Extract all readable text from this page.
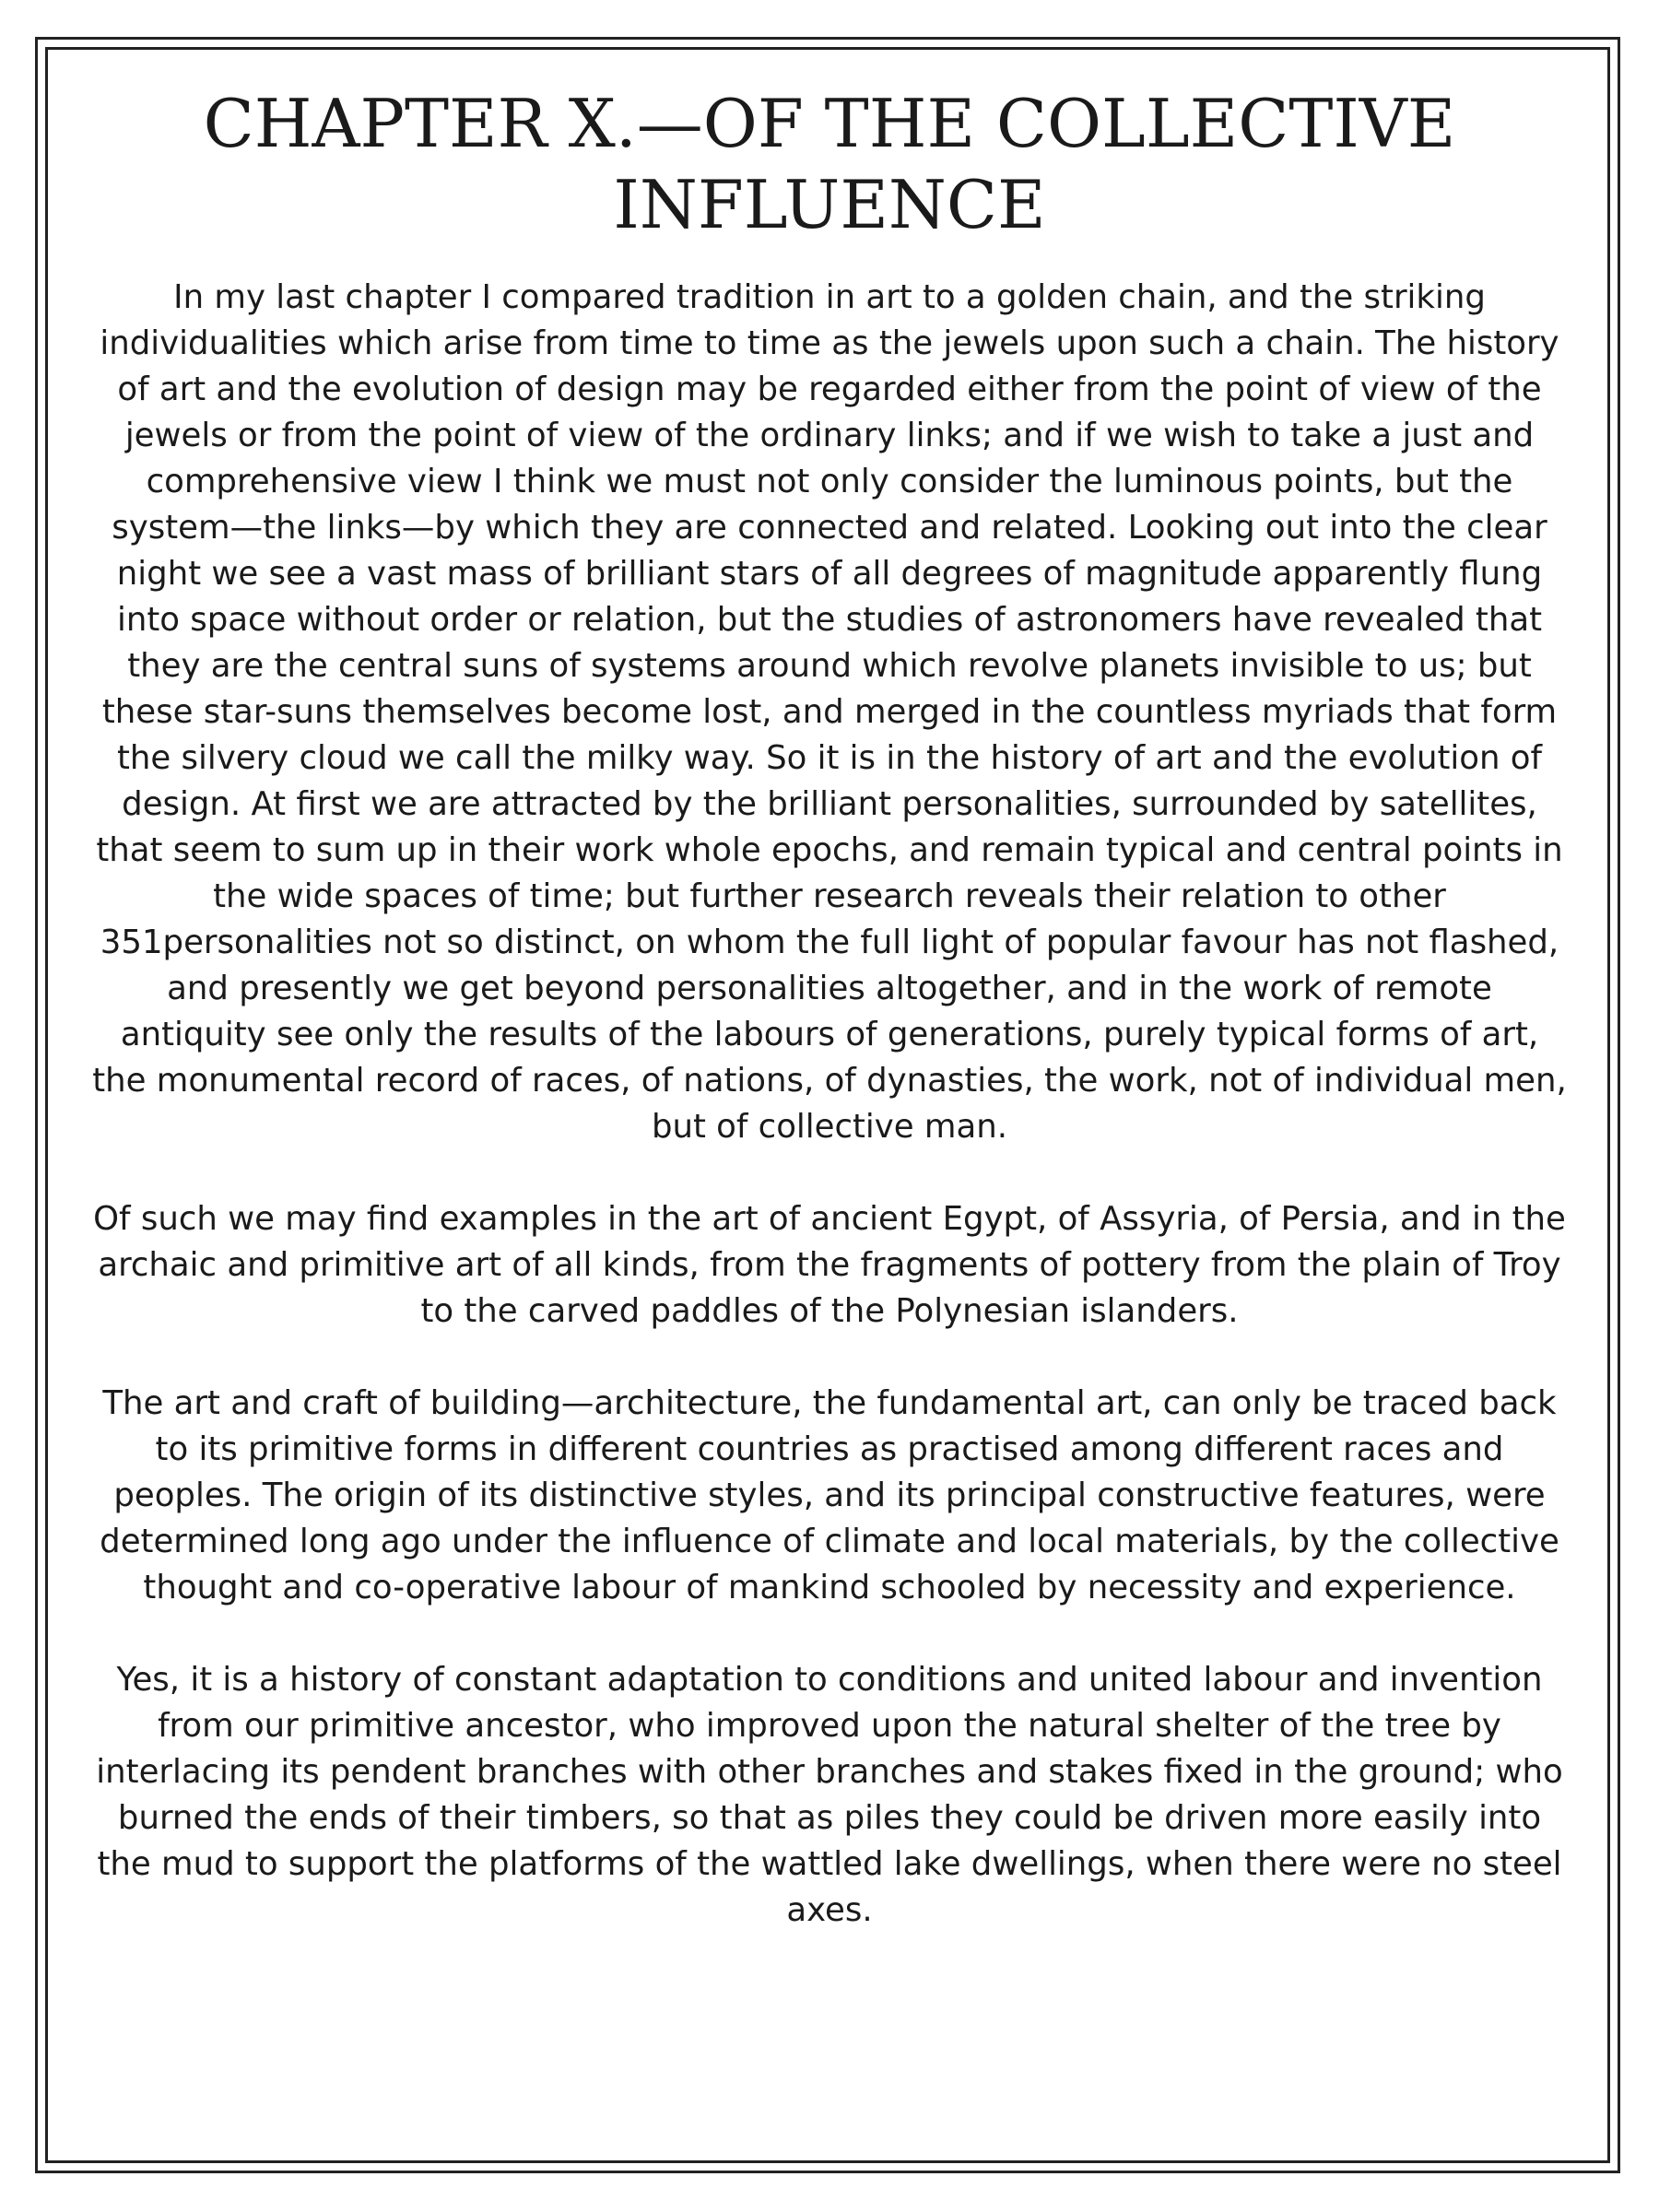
CHAPTER X.—OF THE COLLECTIVE INFLUENCE

In my last chapter I compared tradition in art to a golden chain, and the striking individualities which arise from time to time as the jewels upon such a chain. The history of art and the evolution of design may be regarded either from the point of view of the jewels or from the point of view of the ordinary links; and if we wish to take a just and comprehensive view I think we must not only consider the luminous points, but the system—the links—by which they are connected and related. Looking out into the clear night we see a vast mass of brilliant stars of all degrees of magnitude apparently flung into space without order or relation, but the studies of astronomers have revealed that they are the central suns of systems around which revolve planets invisible to us; but these star-suns themselves become lost, and merged in the countless myriads that form the silvery cloud we call the milky way. So it is in the history of art and the evolution of design. At first we are attracted by the brilliant personalities, surrounded by satellites, that seem to sum up in their work whole epochs, and remain typical and central points in the wide spaces of time; but further research reveals their relation to other 351personalities not so distinct, on whom the full light of popular favour has not flashed, and presently we get beyond personalities altogether, and in the work of remote antiquity see only the results of the labours of generations, purely typical forms of art, the monumental record of races, of nations, of dynasties, the work, not of individual men, but of collective man.

Of such we may find examples in the art of ancient Egypt, of Assyria, of Persia, and in the archaic and primitive art of all kinds, from the fragments of pottery from the plain of Troy to the carved paddles of the Polynesian islanders.

The art and craft of building—architecture, the fundamental art, can only be traced back to its primitive forms in different countries as practised among different races and peoples. The origin of its distinctive styles, and its principal constructive features, were determined long ago under the influence of climate and local materials, by the collective thought and co-operative labour of mankind schooled by necessity and experience.

Yes, it is a history of constant adaptation to conditions and united labour and invention from our primitive ancestor, who improved upon the natural shelter of the tree by interlacing its pendent branches with other branches and stakes fixed in the ground; who burned the ends of their timbers, so that as piles they could be driven more easily into the mud to support the platforms of the wattled lake dwellings, when there were no steel axes.
